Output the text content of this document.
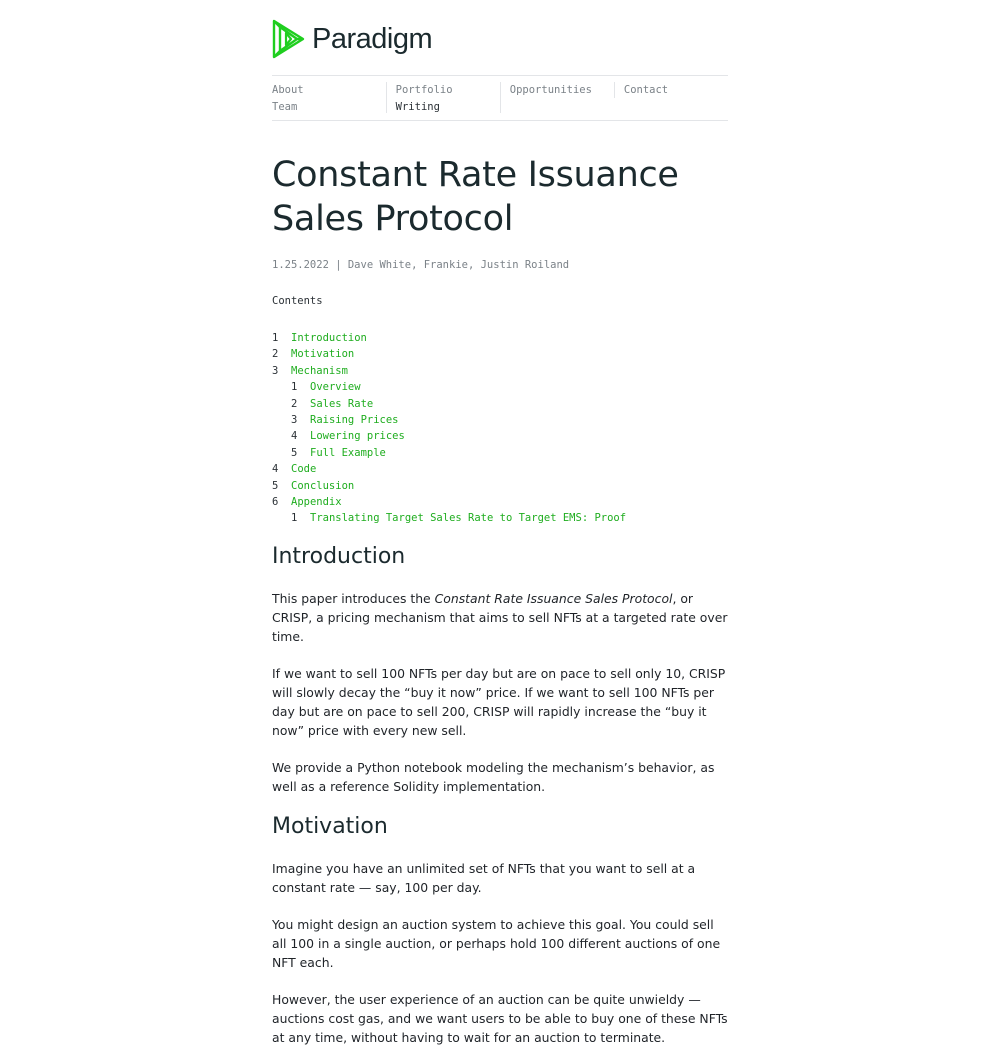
Paradigm
About
Team
Portfolio
Writing
Opportunities	Contact
Constant Rate Issuance Sales Protocol
1.25.2022 | Dave White, Frankie, Justin Roiland
Contents
1 Introduction
2 Motivation
3 Mechanism
1 Overview
2 Sales Rate
3 Raising Prices
4 Lowering prices
5 Full Example
4 Code
5 Conclusion
6 Appendix
1 Translating Target Sales Rate to Target EMS: Proof
Introduction

This paper introduces the Constant Rate Issuance Sales Protocol, or CRISP, a pricing mechanism that aims to sell NFTs at a targeted rate over time.

If we want to sell 100 NFTs per day but are on pace to sell only 10, CRISP will slowly decay the “buy it now” price. If we want to sell 100 NFTs per day but are on pace to sell 200, CRISP will rapidly increase the “buy it now” price with every new sell.

We provide a Python notebook modeling the mechanism’s behavior, as well as a reference Solidity implementation.

Motivation

Imagine you have an unlimited set of NFTs that you want to sell at a constant rate — say, 100 per day.

You might design an auction system to achieve this goal. You could sell all 100 in a single auction, or perhaps hold 100 different auctions of one NFT each.

However, the user experience of an auction can be quite unwieldy — auctions cost gas, and we want users to be able to buy one of these NFTs at any time, without having to wait for an auction to terminate.
